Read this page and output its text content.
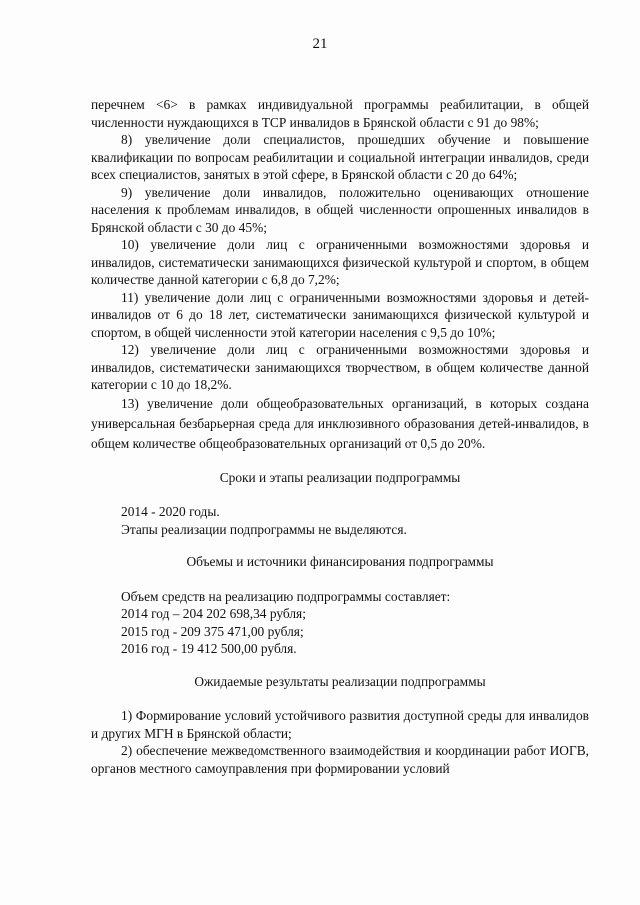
21

перечнем <6> в рамках индивидуальной программы реабилитации, в общей численности нуждающихся в ТСР инвалидов в Брянской области с 91 до 98%;

8) увеличение доли специалистов, прошедших обучение и повышение квалификации по вопросам реабилитации и социальной интеграции инвалидов, среди всех специалистов, занятых в этой сфере, в Брянской области с 20 до 64%;

9) увеличение доли инвалидов, положительно оценивающих отношение населения к проблемам инвалидов, в общей численности опрошенных инвалидов в Брянской области с 30 до 45%;

10) увеличение доли лиц с ограниченными возможностями здоровья и инвалидов, систематически занимающихся физической культурой и спортом, в общем количестве данной категории с 6,8 до 7,2%;

11) увеличение доли лиц с ограниченными возможностями здоровья и детей-инвалидов от 6 до 18 лет, систематически занимающихся физической культурой и спортом, в общей численности этой категории населения с 9,5 до 10%;

12) увеличение доли лиц с ограниченными возможностями здоровья и инвалидов, систематически занимающихся творчеством, в общем количестве данной категории с 10 до 18,2%.

13) увеличение доли общеобразовательных организаций, в которых создана универсальная безбарьерная среда для инклюзивного образования детей-инвалидов, в общем количестве общеобразовательных организаций от 0,5 до 20%.

Сроки и этапы реализации подпрограммы
2014 - 2020 годы.
Этапы реализации подпрограммы не выделяются.
Объемы и источники финансирования подпрограммы
Объем средств на реализацию подпрограммы составляет:
2014 год – 204 202 698,34 рубля;
2015 год - 209 375 471,00 рубля;
2016 год - 19 412 500,00 рубля.
Ожидаемые результаты реализации подпрограммы

1) Формирование условий устойчивого развития доступной среды для инвалидов и других МГН в Брянской области;

2) обеспечение межведомственного взаимодействия и координации работ ИОГВ, органов местного самоуправления при формировании условий
